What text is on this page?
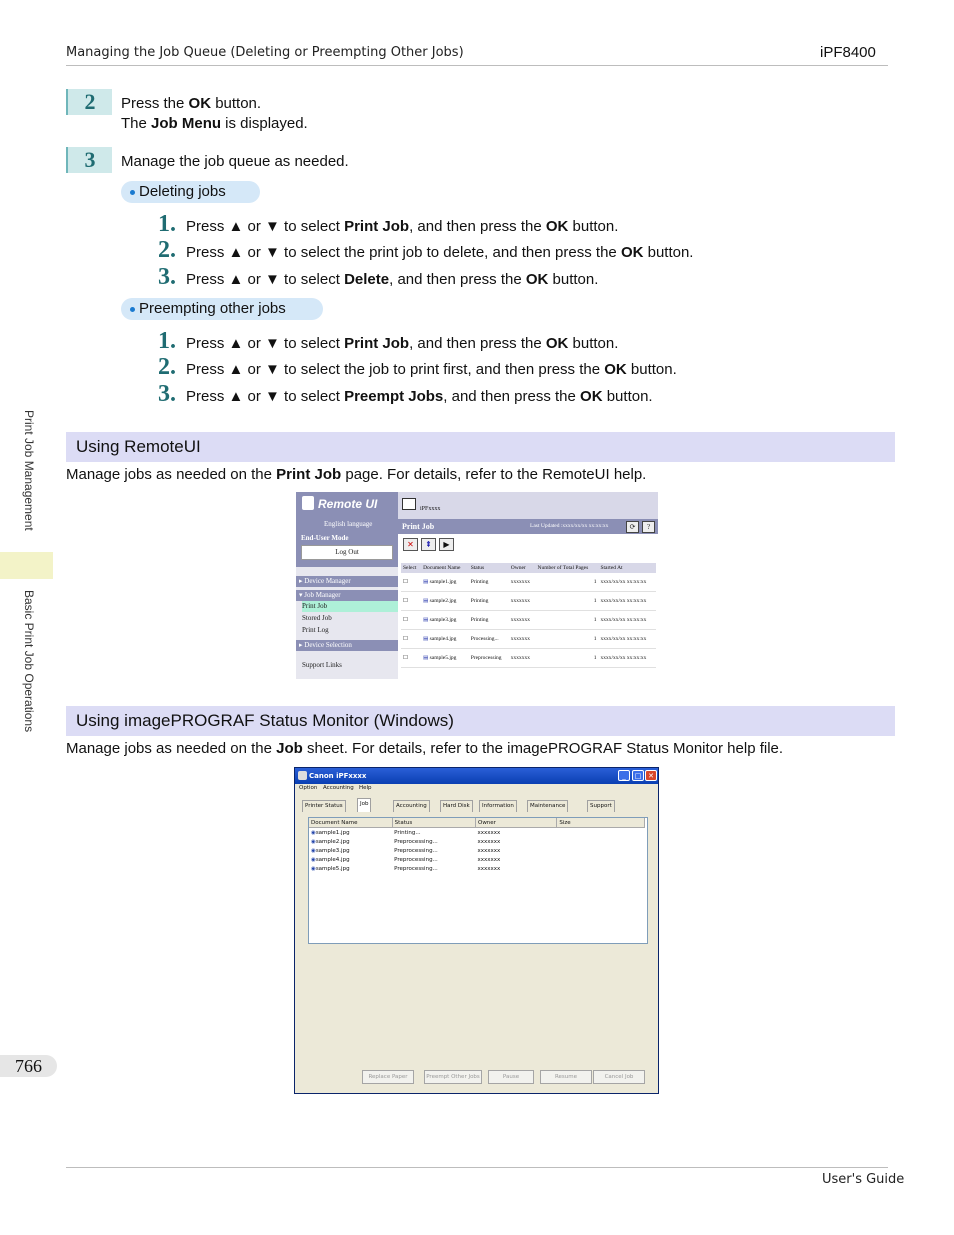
Managing the Job Queue (Deleting or Preempting Other Jobs)	iPF8400
Print Job Management
Basic Print Job Operations
2	Press the OK button.
The Job Menu is displayed.
3	Manage the job queue as needed.
Deleting jobs
1. Press ▲ or ▼ to select Print Job, and then press the OK button.
2. Press ▲ or ▼ to select the print job to delete, and then press the OK button.
3. Press ▲ or ▼ to select Delete, and then press the OK button.
Preempting other jobs
1. Press ▲ or ▼ to select Print Job, and then press the OK button.
2. Press ▲ or ▼ to select the job to print first, and then press the OK button.
3. Press ▲ or ▼ to select Preempt Jobs, and then press the OK button.
Using RemoteUI
Manage jobs as needed on the Print Job page. For details, refer to the RemoteUI help.
Remote UI
English language
End-User Mode
Log Out
▸ Device Manager
▾ Job Manager
Print Job
Stored Job
Print Log
▸ Device Selection
Support Links
iPFxxxx
Print Job	Last Updated :xxxx/xx/xx xx:xx:xx	⟳	?
✕	⇞	▶
Select	Document Name	Status	Owner	Number of Total Pages	Started At
☐	▤ sample1.jpg	Printing	xxxxxxx	1	xxxx/xx/xx xx:xx:xx
☐	▤ sample2.jpg	Printing	xxxxxxx	1	xxxx/xx/xx xx:xx:xx
☐	▤ sample3.jpg	Printing	xxxxxxx	1	xxxx/xx/xx xx:xx:xx
☐	▤ sample4.jpg	Processing...	xxxxxxx	1	xxxx/xx/xx xx:xx:xx
☐	▤ sample5.jpg	Preprocessing	xxxxxxx	1	xxxx/xx/xx xx:xx:xx
Using imagePROGRAF Status Monitor (Windows)
Manage jobs as needed on the Job sheet. For details, refer to the imagePROGRAF Status Monitor help file.
Canon iPFxxxx	_	□ ✕
Option Accounting Help
Printer Status	Job	Accounting	Hard Disk	Information	Maintenance	Support
Document Name	Status	Owner	Size
◉sample1.jpg	Printing...	xxxxxxx	
◉sample2.jpg	Preprocessing...	xxxxxxx	
◉sample3.jpg	Preprocessing...	xxxxxxx	
◉sample4.jpg	Preprocessing...	xxxxxxx	
◉sample5.jpg	Preprocessing...	xxxxxxx	
Replace Paper	Preempt Other Jobs	Pause	Resume	Cancel Job
766
User's Guide
